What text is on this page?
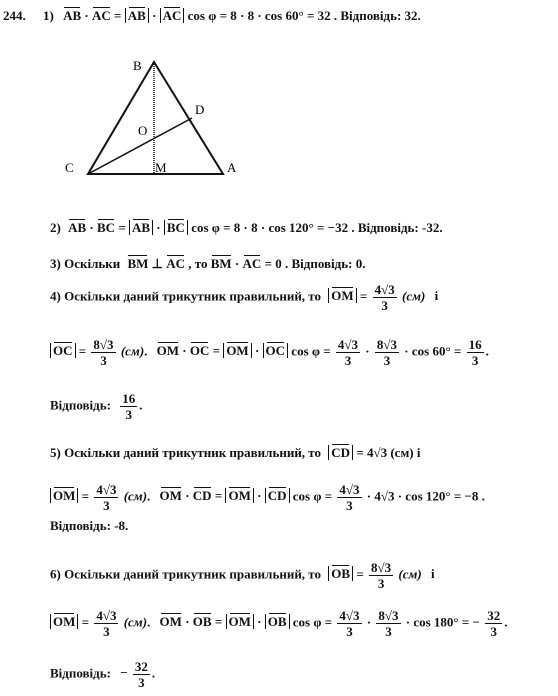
244. 1) AB · AC = AB · AC cos φ = 8 · 8 · cos 60° = 32 . Відповідь: 32.
B
D
O
C	M	A
2) AB · BC = AB · BC cos φ = 8 · 8 · cos 120° = −32 . Відповідь: -32.
3) Оскільки BM ⊥ AC , то BM · AC = 0 . Відповідь: 0.
4) Оскільки даний трикутник правильний, то OM = $\frac{4√3}{3} (см)$ і
OC = $\frac{8√3}{3} (см)$. OM · OC = OM · OC $\cos \varphi = \frac{4√3}{3} \cdot \frac{8√3}{3} \cdot \cos 60^\circ = \frac{16}{3}$ .
Відповідь: $\frac{16}{3}$ .
5) Оскільки даний трикутник правильний, то CD = 4√3 (см) і
OM = $\frac{4√3}{3} (см)$. OM · CD = OM · CD $\cos \varphi = \frac{4√3}{3} \cdot 4√3 \cdot \cos 120^\circ = -8$ .
Відповідь: -8.
6) Оскільки даний трикутник правильний, то OB = $\frac{8√3}{3} (см)$ і
OM = $\frac{4√3}{3} (см)$. OM · OB = OM · OB $\cos \varphi = \frac{4√3}{3} \cdot \frac{8√3}{3} \cdot \cos 180^\circ$ = − $\frac{32}{3}$ .
Відповідь: − $\frac{32}{3}$ .
